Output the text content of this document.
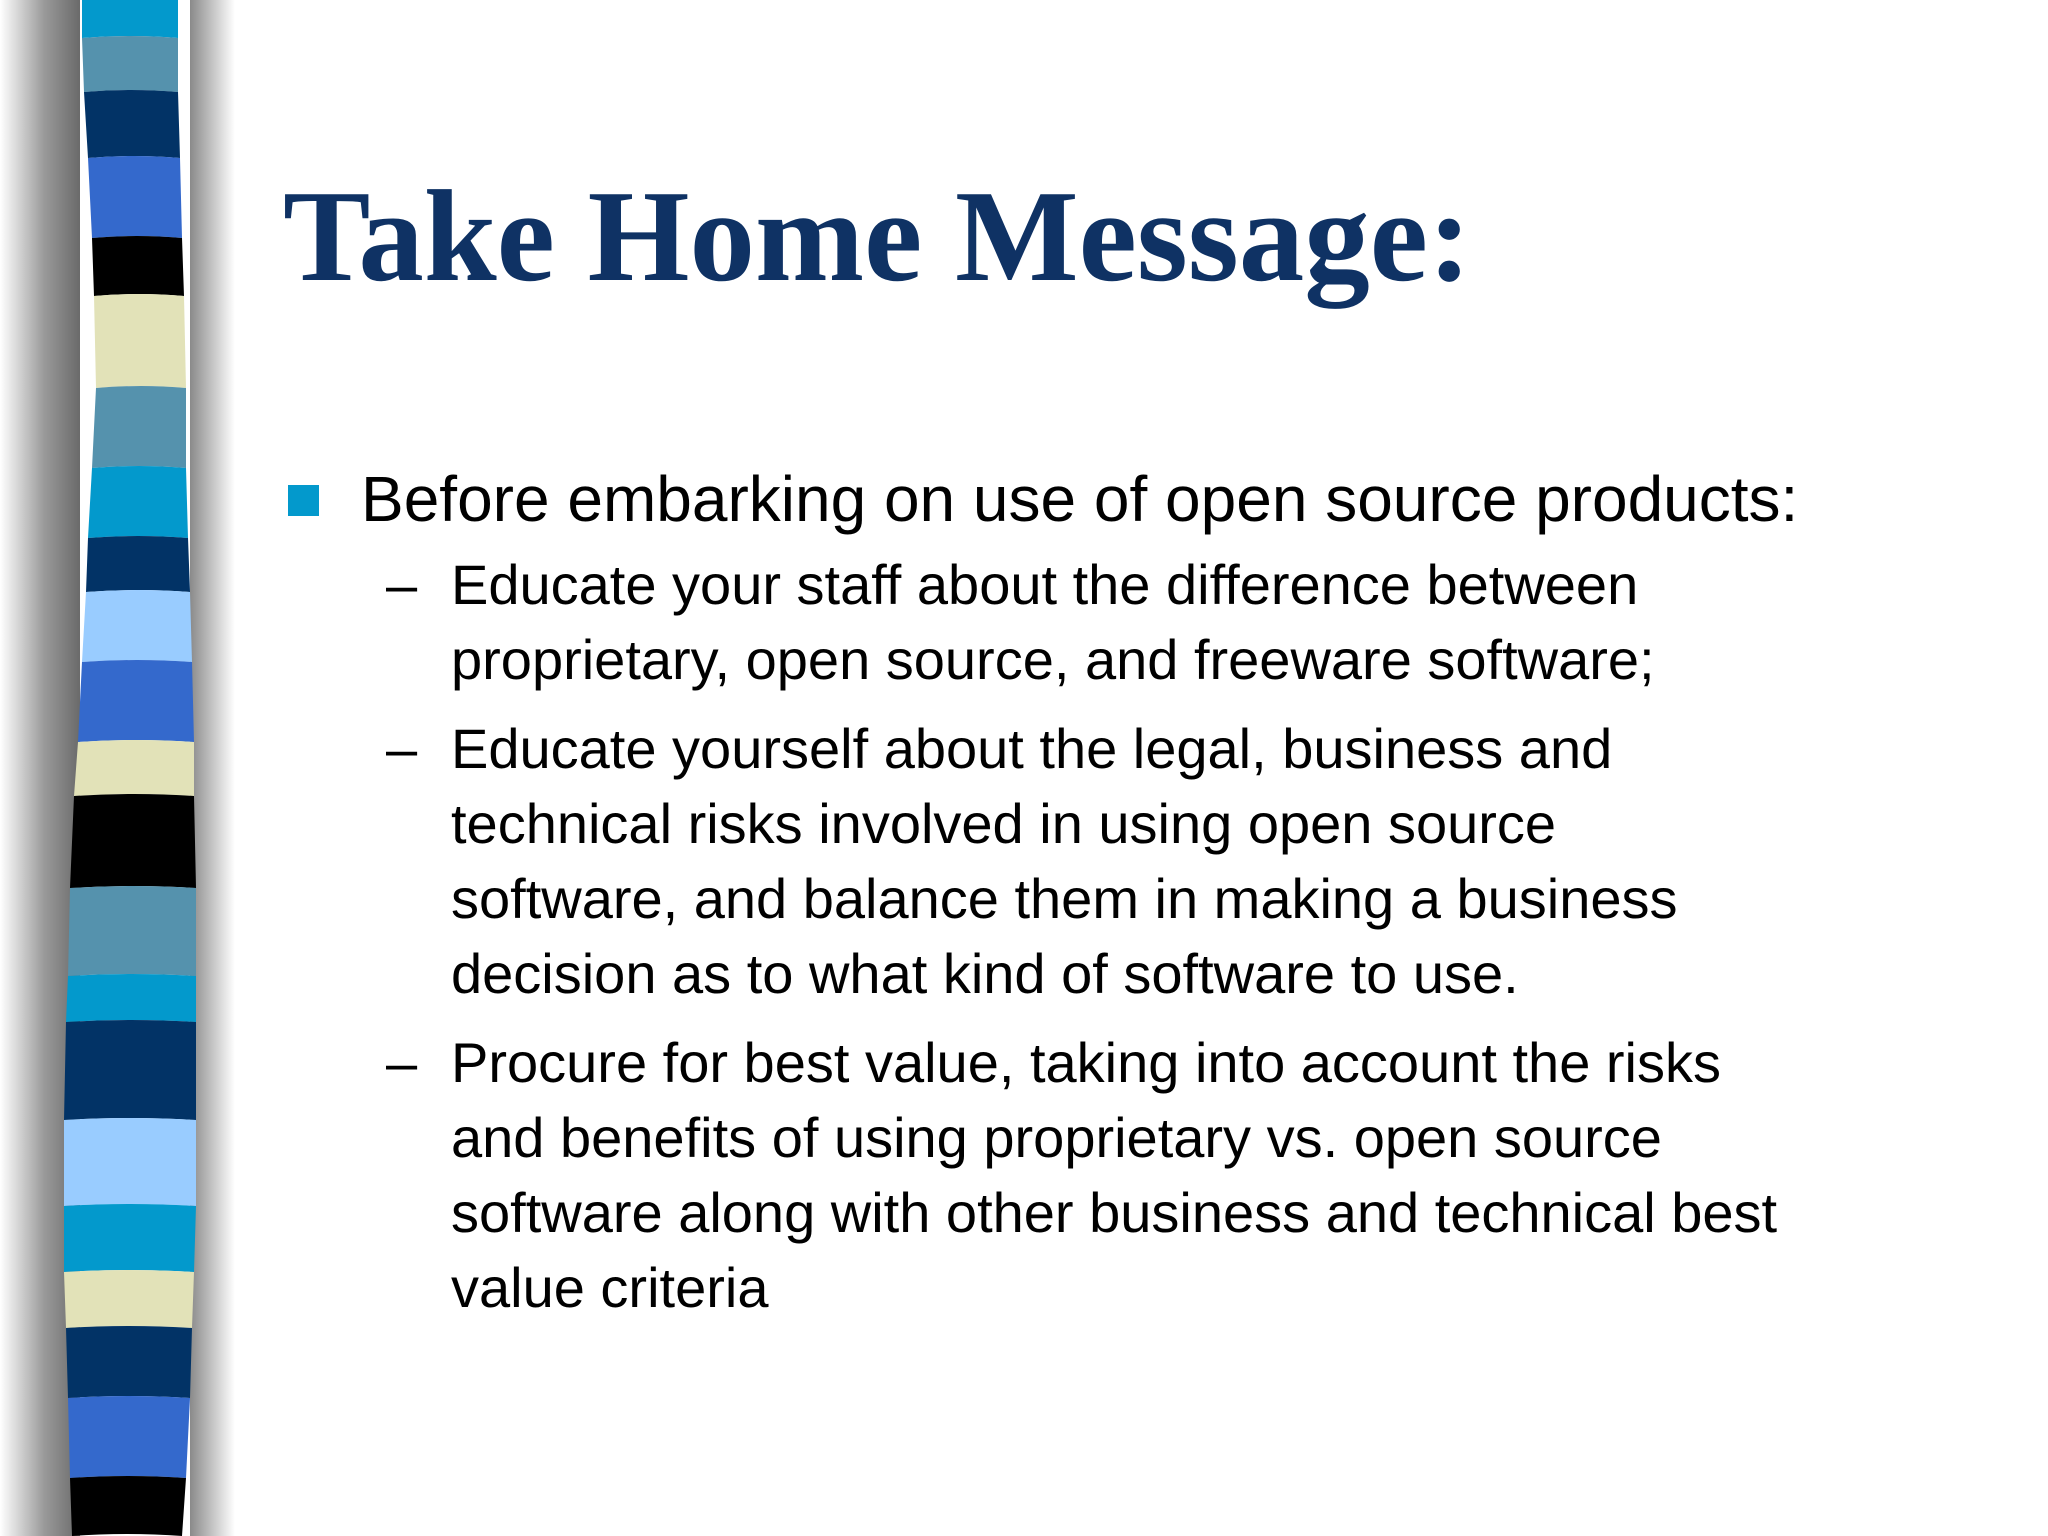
Take Home Message:
Before embarking on use of open source products:
– Educate your staff about the difference between
proprietary, open source, and freeware software;
– Educate yourself about the legal, business and
technical risks involved in using open source
software, and balance them in making a business
decision as to what kind of software to use.
– Procure for best value, taking into account the risks
and benefits of using proprietary vs. open source
software along with other business and technical best
value criteria
